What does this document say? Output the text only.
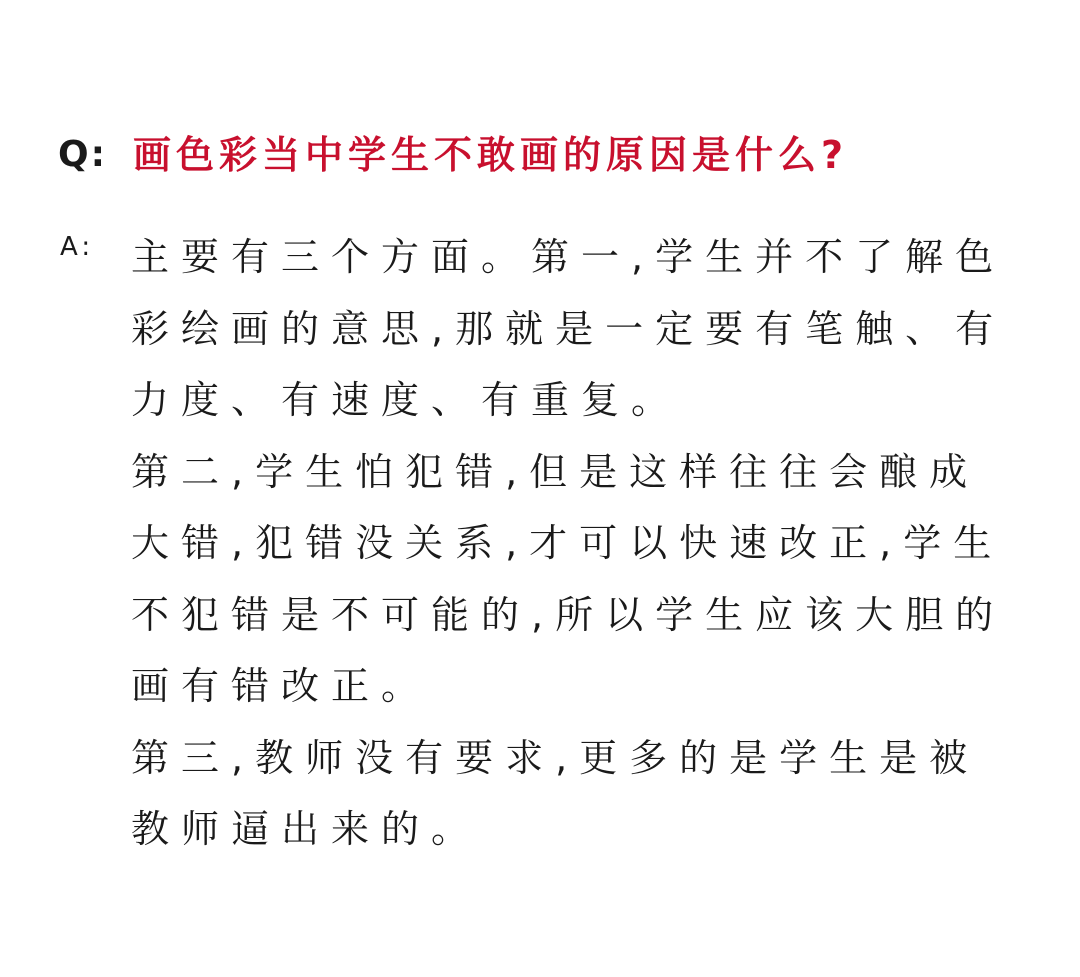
Q: 画色彩当中学生不敢画的原因是什么?
A: 主要有三个方面。第一,学生并不了解色
彩绘画的意思,那就是一定要有笔触、有
力度、有速度、有重复。
第二,学生怕犯错,但是这样往往会酿成
大错,犯错没关系,才可以快速改正,学生
不犯错是不可能的,所以学生应该大胆的
画有错改正。
第三,教师没有要求,更多的是学生是被
教师逼出来的。
